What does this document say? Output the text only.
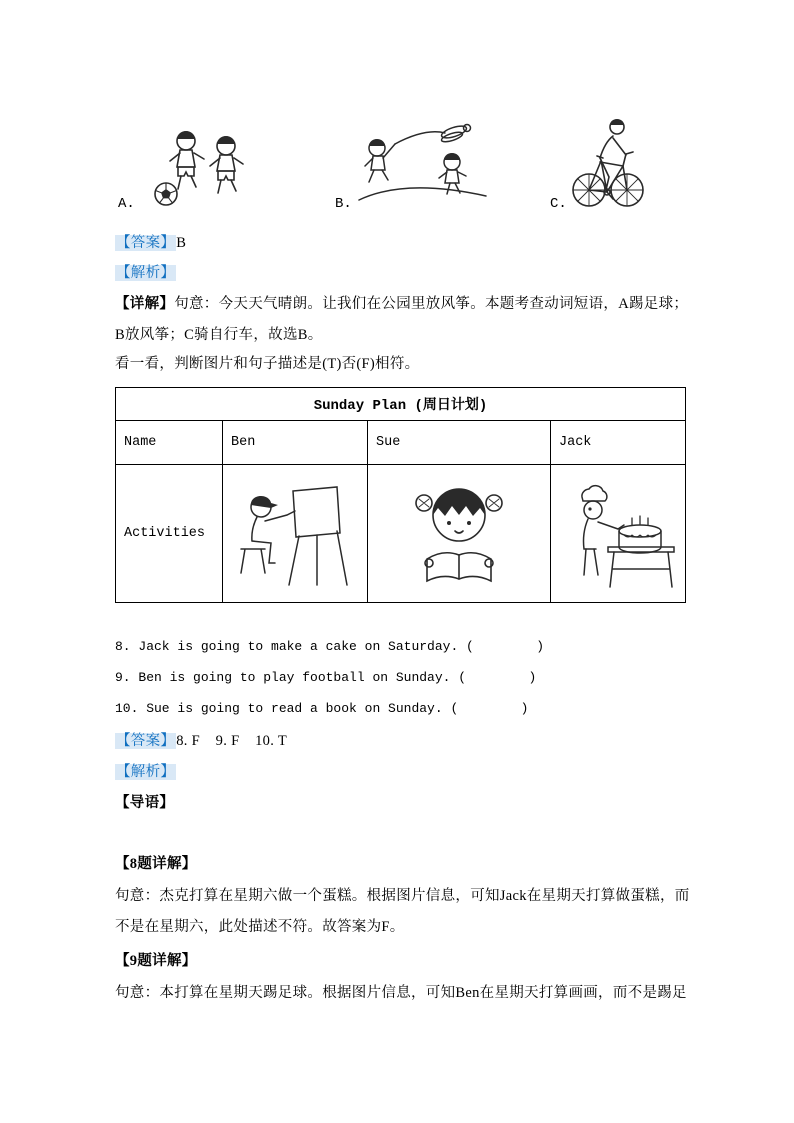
A.	B.	C.
【答案】B
【解析】
【详解】句意：今天天气晴朗。让我们在公园里放风筝。本题考查动词短语，A踢足球；B放风筝；C骑自行车，故选B。
看一看，判断图片和句子描述是(T)否(F)相符。
Sunday Plan (周日计划)			
Name	Ben	Sue	Jack
Activities	

8. Jack is going to make a cake on Saturday. (        )
9. Ben is going to play football on Sunday. (        )
10. Sue is going to read a book on Sunday. (        )
【答案】8. F    9. F    10. T
【解析】
【导语】
【8题详解】
句意：杰克打算在星期六做一个蛋糕。根据图片信息，可知Jack在星期天打算做蛋糕，而不是在星期六，此处描述不符。故答案为F。
【9题详解】
句意：本打算在星期天踢足球。根据图片信息，可知Ben在星期天打算画画，而不是踢足
